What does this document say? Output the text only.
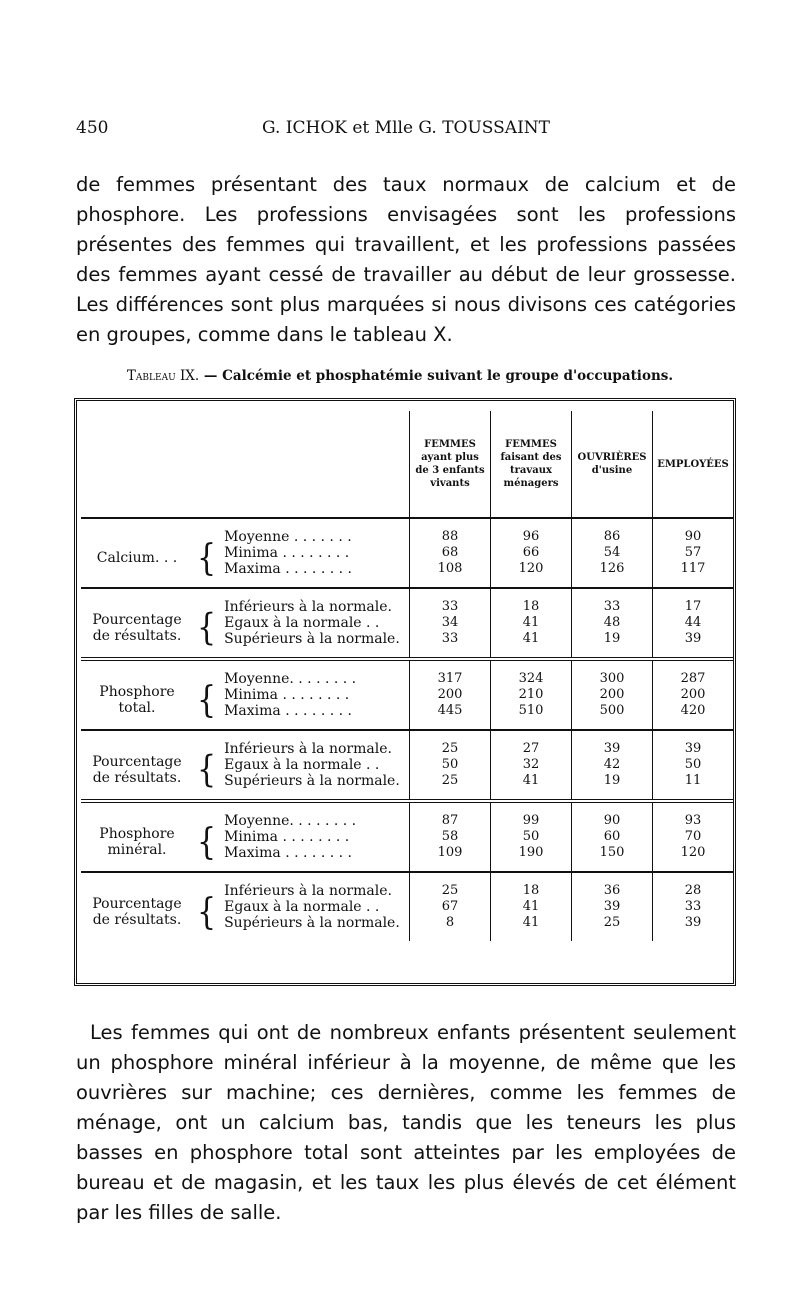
450	G. ICHOK et Mlle G. TOUSSAINT

de femmes présentant des taux normaux de calcium et de phosphore. Les professions envisagées sont les professions présentes des femmes qui travaillent, et les professions passées des femmes ayant cessé de travailler au début de leur grossesse. Les différences sont plus marquées si nous divisons ces catégories en groupes, comme dans le tableau X.

Tableau IX. — Calcémie et phosphatémie suivant le groupe d'occupations.
			FEMMES ayant plus de 3 enfants vivants	FEMMES faisant des travaux ménagers	OUVRIÈRES d'usine	EMPLOYÉES
Calcium. . .	{	Moyenne . . . . . . .	88	96	86	90
		Minima . . . . . . . .	68	66	54	57
		Maxima . . . . . . . .	108	120	126	117
Pourcentage de résultats.	{	Inférieurs à la normale.	33	18	33	17
		Egaux à la normale . .	34	41	48	44
		Supérieurs à la normale.	33	41	19	39
Phosphore total.	{	Moyenne. . . . . . . .	317	324	300	287
		Minima . . . . . . . .	200	210	200	200
		Maxima . . . . . . . .	445	510	500	420
Pourcentage de résultats.	{	Inférieurs à la normale.	25	27	39	39
		Egaux à la normale . .	50	32	42	50
		Supérieurs à la normale.	25	41	19	11
Phosphore minéral.	{	Moyenne. . . . . . . .	87	99	90	93
		Minima . . . . . . . .	58	50	60	70
		Maxima . . . . . . . .	109	190	150	120
Pourcentage de résultats.	{	Inférieurs à la normale.	25	18	36	28
		Egaux à la normale . .	67	41	39	33
		Supérieurs à la normale.	8	41	25	39

Les femmes qui ont de nombreux enfants présentent seulement un phosphore minéral inférieur à la moyenne, de même que les ouvrières sur machine; ces dernières, comme les femmes de ménage, ont un calcium bas, tandis que les teneurs les plus basses en phosphore total sont atteintes par les employées de bureau et de magasin, et les taux les plus élevés de cet élément par les filles de salle.
